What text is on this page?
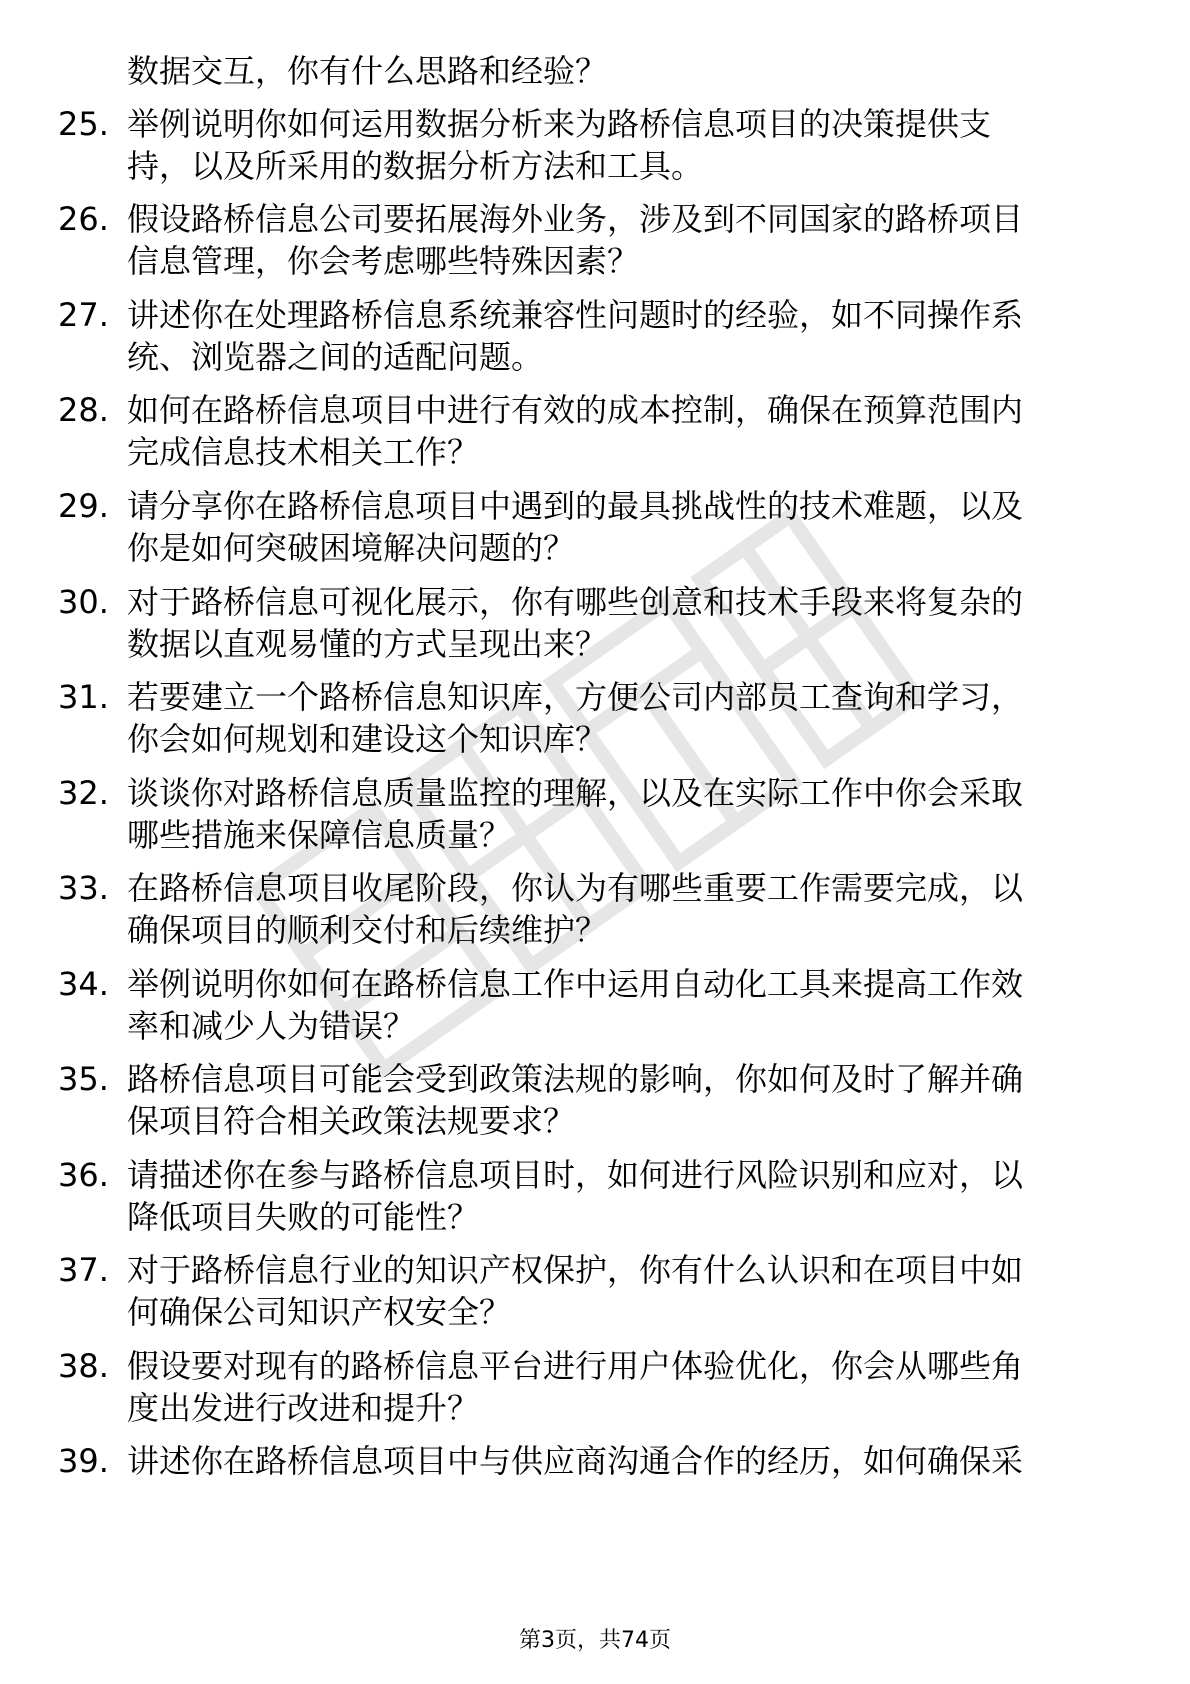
数据交互，你有什么思路和经验？
25. 举例说明你如何运用数据分析来为路桥信息项目的决策提供支
持，以及所采用的数据分析方法和工具。
26. 假设路桥信息公司要拓展海外业务，涉及到不同国家的路桥项目
信息管理，你会考虑哪些特殊因素？
27. 讲述你在处理路桥信息系统兼容性问题时的经验，如不同操作系
统、浏览器之间的适配问题。
28. 如何在路桥信息项目中进行有效的成本控制，确保在预算范围内
完成信息技术相关工作？
29. 请分享你在路桥信息项目中遇到的最具挑战性的技术难题，以及
你是如何突破困境解决问题的？
30. 对于路桥信息可视化展示，你有哪些创意和技术手段来将复杂的
数据以直观易懂的方式呈现出来？
31. 若要建立一个路桥信息知识库，方便公司内部员工查询和学习，
你会如何规划和建设这个知识库？
32. 谈谈你对路桥信息质量监控的理解，以及在实际工作中你会采取
哪些措施来保障信息质量？
33. 在路桥信息项目收尾阶段，你认为有哪些重要工作需要完成，以
确保项目的顺利交付和后续维护？
34. 举例说明你如何在路桥信息工作中运用自动化工具来提高工作效
率和减少人为错误？
35. 路桥信息项目可能会受到政策法规的影响，你如何及时了解并确
保项目符合相关政策法规要求？
36. 请描述你在参与路桥信息项目时，如何进行风险识别和应对，以
降低项目失败的可能性？
37. 对于路桥信息行业的知识产权保护，你有什么认识和在项目中如
何确保公司知识产权安全？
38. 假设要对现有的路桥信息平台进行用户体验优化，你会从哪些角
度出发进行改进和提升？
39. 讲述你在路桥信息项目中与供应商沟通合作的经历，如何确保采
第3页，共74页
